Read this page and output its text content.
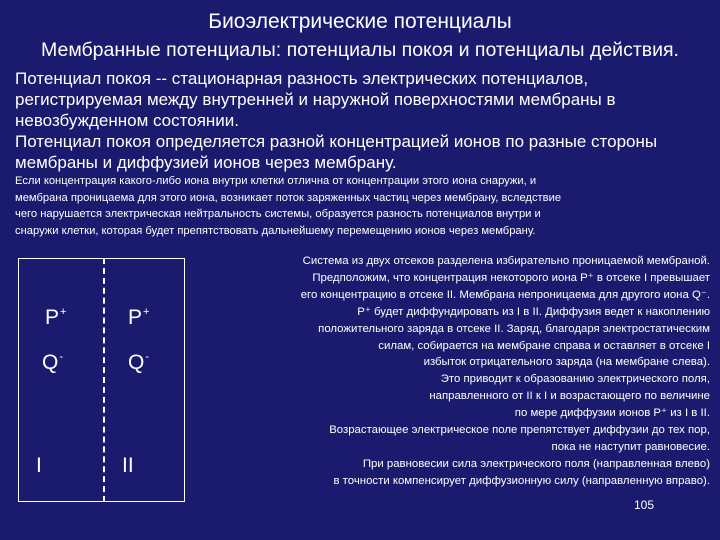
Биоэлектрические потенциалы
Мембранные потенциалы: потенциалы покоя и потенциалы действия.
Потенциал покоя -- стационарная разность электрических потенциалов,
регистрируемая между внутренней и наружной поверхностями мембраны в
невозбужденном состоянии.
Потенциал покоя определяется разной концентрацией ионов по разные стороны
мембраны и диффузией ионов через мембрану.
Если концентрация какого-либо иона внутри клетки отлична от концентрации этого иона снаружи, и
мембрана проницаема для этого иона, возникает поток заряженных частиц через мембрану, вследствие
чего нарушается электрическая нейтральность системы, образуется разность потенциалов внутри и
снаружи клетки, которая будет препятствовать дальнейшему перемещению ионов через мембрану.
P+	P+
Q-	Q-
I	II
Система из двух отсеков разделена избирательно проницаемой мембраной.
Предположим, что концентрация некоторого иона P⁺ в отсеке I превышает
его концентрацию в отсеке II. Мембрана непроницаема для другого иона Q⁻.
P⁺ будет диффундировать из I в II. Диффузия ведет к накоплению
положительного заряда в отсеке II. Заряд, благодаря электростатическим
силам, собирается на мембране справа и оставляет в отсеке I
избыток отрицательного заряда (на мембране слева).
Это приводит к образованию электрического поля,
направленного от II к I и возрастающего по величине
по мере диффузии ионов P⁺ из I в II.
Возрастающее электрическое поле препятствует диффузии до тех пор,
пока не наступит равновесие.
При равновесии сила электрического поля (направленная влево)
в точности компенсирует диффузионную силу (направленную вправо).
105
